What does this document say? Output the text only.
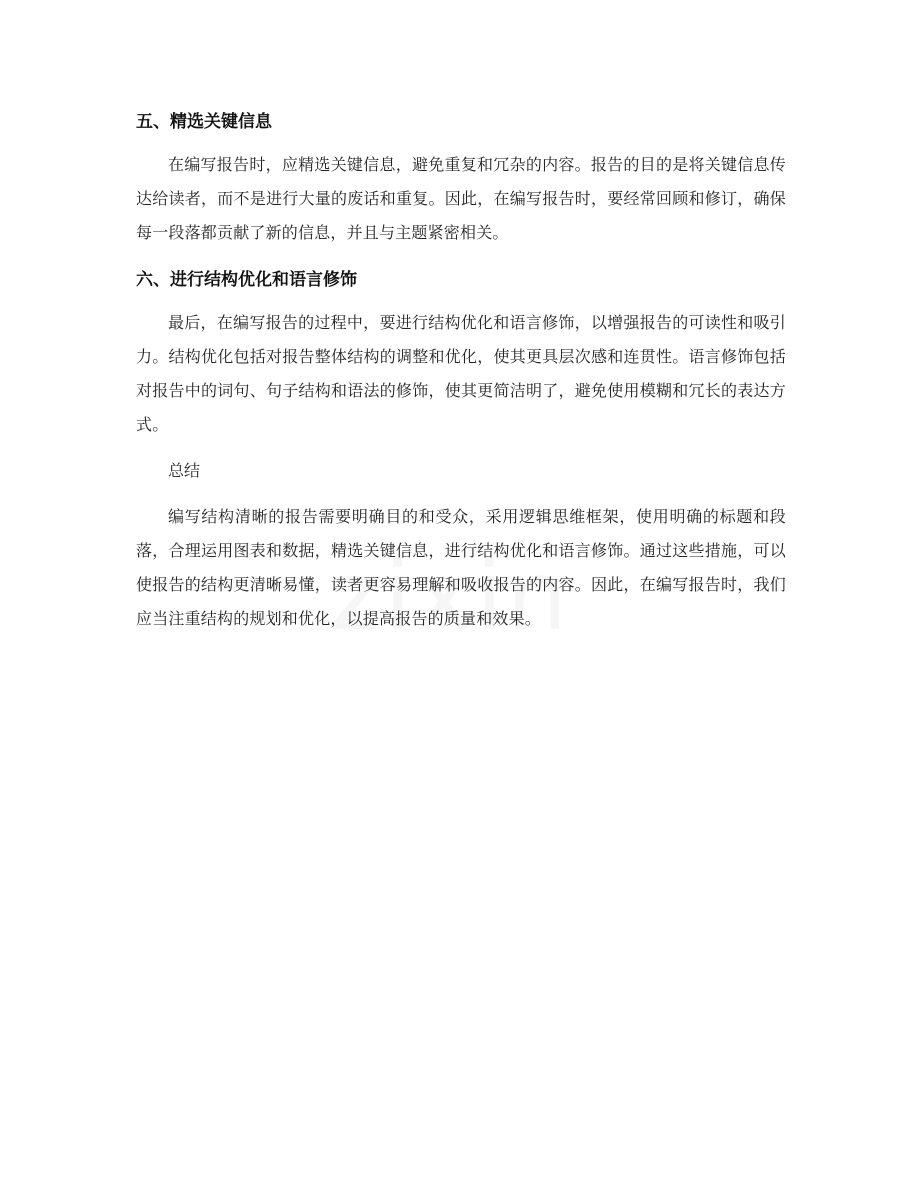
五、精选关键信息

在编写报告时，应精选关键信息，避免重复和冗杂的内容。报告的目的是将关键信息传达给读者，而不是进行大量的废话和重复。因此，在编写报告时，要经常回顾和修订，确保每一段落都贡献了新的信息，并且与主题紧密相关。

六、进行结构优化和语言修饰

最后，在编写报告的过程中，要进行结构优化和语言修饰，以增强报告的可读性和吸引力。结构优化包括对报告整体结构的调整和优化，使其更具层次感和连贯性。语言修饰包括对报告中的词句、句子结构和语法的修饰，使其更简洁明了，避免使用模糊和冗长的表达方式。

总结

编写结构清晰的报告需要明确目的和受众，采用逻辑思维框架，使用明确的标题和段落，合理运用图表和数据，精选关键信息，进行结构优化和语言修饰。通过这些措施，可以使报告的结构更清晰易懂，读者更容易理解和吸收报告的内容。因此，在编写报告时，我们应当注重结构的规划和优化，以提高报告的质量和效果。
